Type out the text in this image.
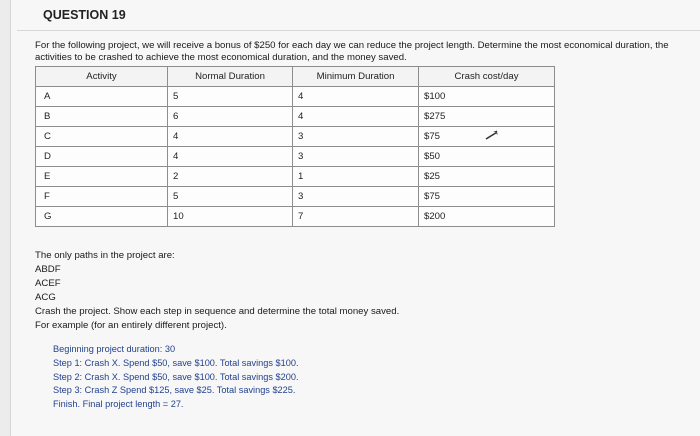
QUESTION 19
For the following project, we will receive a bonus of $250 for each day we can reduce the project length. Determine the most economical duration, the activities to be crashed to achieve the most economical duration, and the money saved.
Activity	Normal Duration	Minimum Duration	Crash cost/day
A	5	4	$100
B	6	4	$275
C	4	3	$75
D	4	3	$50
E	2	1	$25
F	5	3	$75
G	10	7	$200
The only paths in the project are:
ABDF
ACEF
ACG
Crash the project. Show each step in sequence and determine the total money saved.
For example (for an entirely different project).
Beginning project duration: 30
Step 1: Crash X. Spend $50, save $100. Total savings $100.
Step 2: Crash X. Spend $50, save $100. Total savings $200.
Step 3: Crash Z Spend $125, save $25. Total savings $225.
Finish. Final project length = 27.
